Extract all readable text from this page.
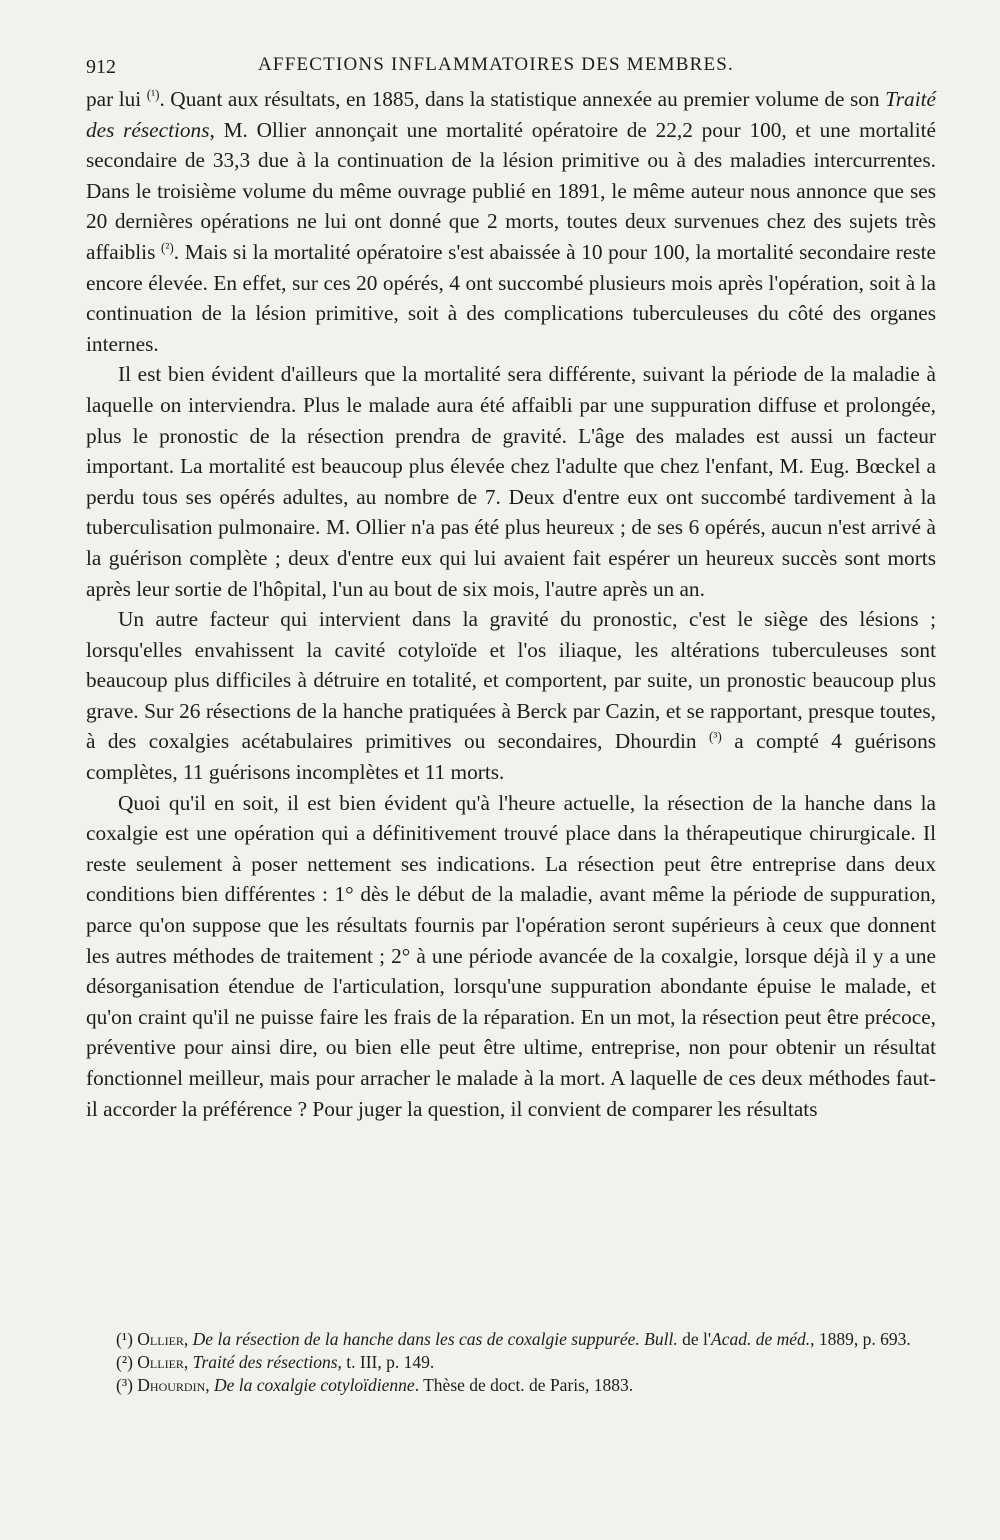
912	AFFECTIONS INFLAMMATOIRES DES MEMBRES.

par lui $^{(^1)}$. Quant aux résultats, en 1885, dans la statistique annexée au premier volume de son Traité des résections, M. Ollier annonçait une mortalité opératoire de 22,2 pour 100, et une mortalité secondaire de 33,3 due à la continuation de la lésion primitive ou à des maladies intercurrentes. Dans le troisième volume du même ouvrage publié en 1891, le même auteur nous annonce que ses 20 dernières opérations ne lui ont donné que 2 morts, toutes deux survenues chez des sujets très affaiblis $^{(^2)}$. Mais si la mortalité opératoire s'est abaissée à 10 pour 100, la mortalité secondaire reste encore élevée. En effet, sur ces 20 opérés, 4 ont succombé plusieurs mois après l'opération, soit à la continuation de la lésion primitive, soit à des complications tuberculeuses du côté des organes internes.

Il est bien évident d'ailleurs que la mortalité sera différente, suivant la période de la maladie à laquelle on interviendra. Plus le malade aura été affaibli par une suppuration diffuse et prolongée, plus le pronostic de la résection prendra de gravité. L'âge des malades est aussi un facteur important. La mortalité est beaucoup plus élevée chez l'adulte que chez l'enfant, M. Eug. Bœckel a perdu tous ses opérés adultes, au nombre de 7. Deux d'entre eux ont succombé tardivement à la tuberculisation pulmonaire. M. Ollier n'a pas été plus heureux ; de ses 6 opérés, aucun n'est arrivé à la guérison complète ; deux d'entre eux qui lui avaient fait espérer un heureux succès sont morts après leur sortie de l'hôpital, l'un au bout de six mois, l'autre après un an.

Un autre facteur qui intervient dans la gravité du pronostic, c'est le siège des lésions ; lorsqu'elles envahissent la cavité cotyloïde et l'os iliaque, les altérations tuberculeuses sont beaucoup plus difficiles à détruire en totalité, et comportent, par suite, un pronostic beaucoup plus grave. Sur 26 résections de la hanche pratiquées à Berck par Cazin, et se rapportant, presque toutes, à des coxalgies acétabulaires primitives ou secondaires, Dhourdin $^{(^3)}$ a compté 4 guérisons complètes, 11 guérisons incomplètes et 11 morts.

Quoi qu'il en soit, il est bien évident qu'à l'heure actuelle, la résection de la hanche dans la coxalgie est une opération qui a définitivement trouvé place dans la thérapeutique chirurgicale. Il reste seulement à poser nettement ses indications. La résection peut être entreprise dans deux conditions bien différentes : 1° dès le début de la maladie, avant même la période de suppuration, parce qu'on suppose que les résultats fournis par l'opération seront supérieurs à ceux que donnent les autres méthodes de traitement ; 2° à une période avancée de la coxalgie, lorsque déjà il y a une désorganisation étendue de l'articulation, lorsqu'une suppuration abondante épuise le malade, et qu'on craint qu'il ne puisse faire les frais de la réparation. En un mot, la résection peut être précoce, préventive pour ainsi dire, ou bien elle peut être ultime, entreprise, non pour obtenir un résultat fonctionnel meilleur, mais pour arracher le malade à la mort. A laquelle de ces deux méthodes faut-il accorder la préférence ? Pour juger la question, il convient de comparer les résultats

(¹) Ollier, De la résection de la hanche dans les cas de coxalgie suppurée. Bull. de l'Acad. de méd., 1889, p. 693.

(²) Ollier, Traité des résections, t. III, p. 149.

(³) Dhourdin, De la coxalgie cotyloïdienne. Thèse de doct. de Paris, 1883.
